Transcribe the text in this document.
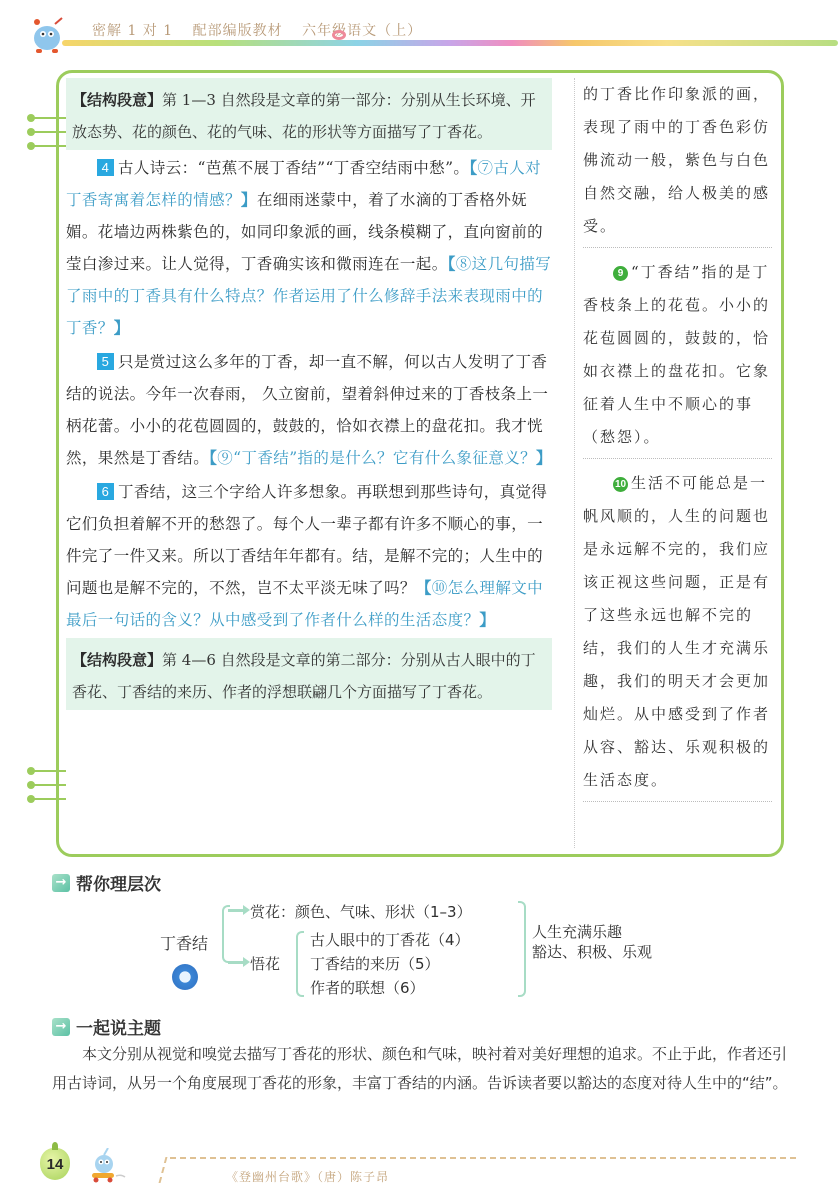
密解 1 对 1 配部编版教材 六年级语文（上）
【结构段意】第 1—3 自然段是文章的第一部分：分别从生长环境、开放态势、花的颜色、花的气味、花的形状等方面描写了丁香花。

4 古人诗云：“芭蕉不展丁香结”“丁香空结雨中愁”。【⑦古人对丁香寄寓着怎样的情感？】在细雨迷蒙中，着了水滴的丁香格外妩媚。花墙边两株紫色的，如同印象派的画，线条模糊了，直向窗前的莹白渗过来。让人觉得，丁香确实该和微雨连在一起。【⑧这几句描写了雨中的丁香具有什么特点？作者运用了什么修辞手法来表现雨中的丁香？】

5 只是赏过这么多年的丁香，却一直不解，何以古人发明了丁香结的说法。今年一次春雨， 久立窗前，望着斜伸过来的丁香枝条上一柄花蕾。小小的花苞圆圆的，鼓鼓的，恰如衣襟上的盘花扣。我才恍然，果然是丁香结。【⑨“丁香结”指的是什么？它有什么象征意义？】

6 丁香结，这三个字给人许多想象。再联想到那些诗句，真觉得它们负担着解不开的愁怨了。每个人一辈子都有许多不顺心的事，一件完了一件又来。所以丁香结年年都有。结，是解不完的；人生中的问题也是解不完的，不然，岂不太平淡无味了吗？【⑩怎么理解文中最后一句话的含义？从中感受到了作者什么样的生活态度？】

【结构段意】第 4—6 自然段是文章的第二部分：分别从古人眼中的丁香花、丁香结的来历、作者的浮想联翩几个方面描写了丁香花。
的丁香比作印象派的画，表现了雨中的丁香色彩仿佛流动一般，紫色与白色自然交融，给人极美的感受。
9 “丁香结”指的是丁香枝条上的花苞。小小的花苞圆圆的，鼓鼓的，恰如衣襟上的盘花扣。它象征着人生中不顺心的事（愁怨）。
10 生活不可能总是一帆风顺的，人生的问题也是永远解不完的，我们应该正视这些问题，正是有了这些永远也解不完的结，我们的人生才充满乐趣，我们的明天才会更加灿烂。从中感受到了作者从容、豁达、乐观积极的生活态度。
→ 帮你理层次
丁香结
赏花：颜色、气味、形状（1–3）
悟花
古人眼中的丁香花（4）
丁香结的来历（5）
作者的联想（6）
人生充满乐趣
豁达、积极、乐观
→ 一起说主题

本文分别从视觉和嗅觉去描写丁香花的形状、颜色和气味，映衬着对美好理想的追求。不止于此，作者还引用古诗词，从另一个角度展现丁香花的形象，丰富丁香结的内涵。告诉读者要以豁达的态度对待人生中的“结”。

14
《登幽州台歌》（唐）陈子昂
